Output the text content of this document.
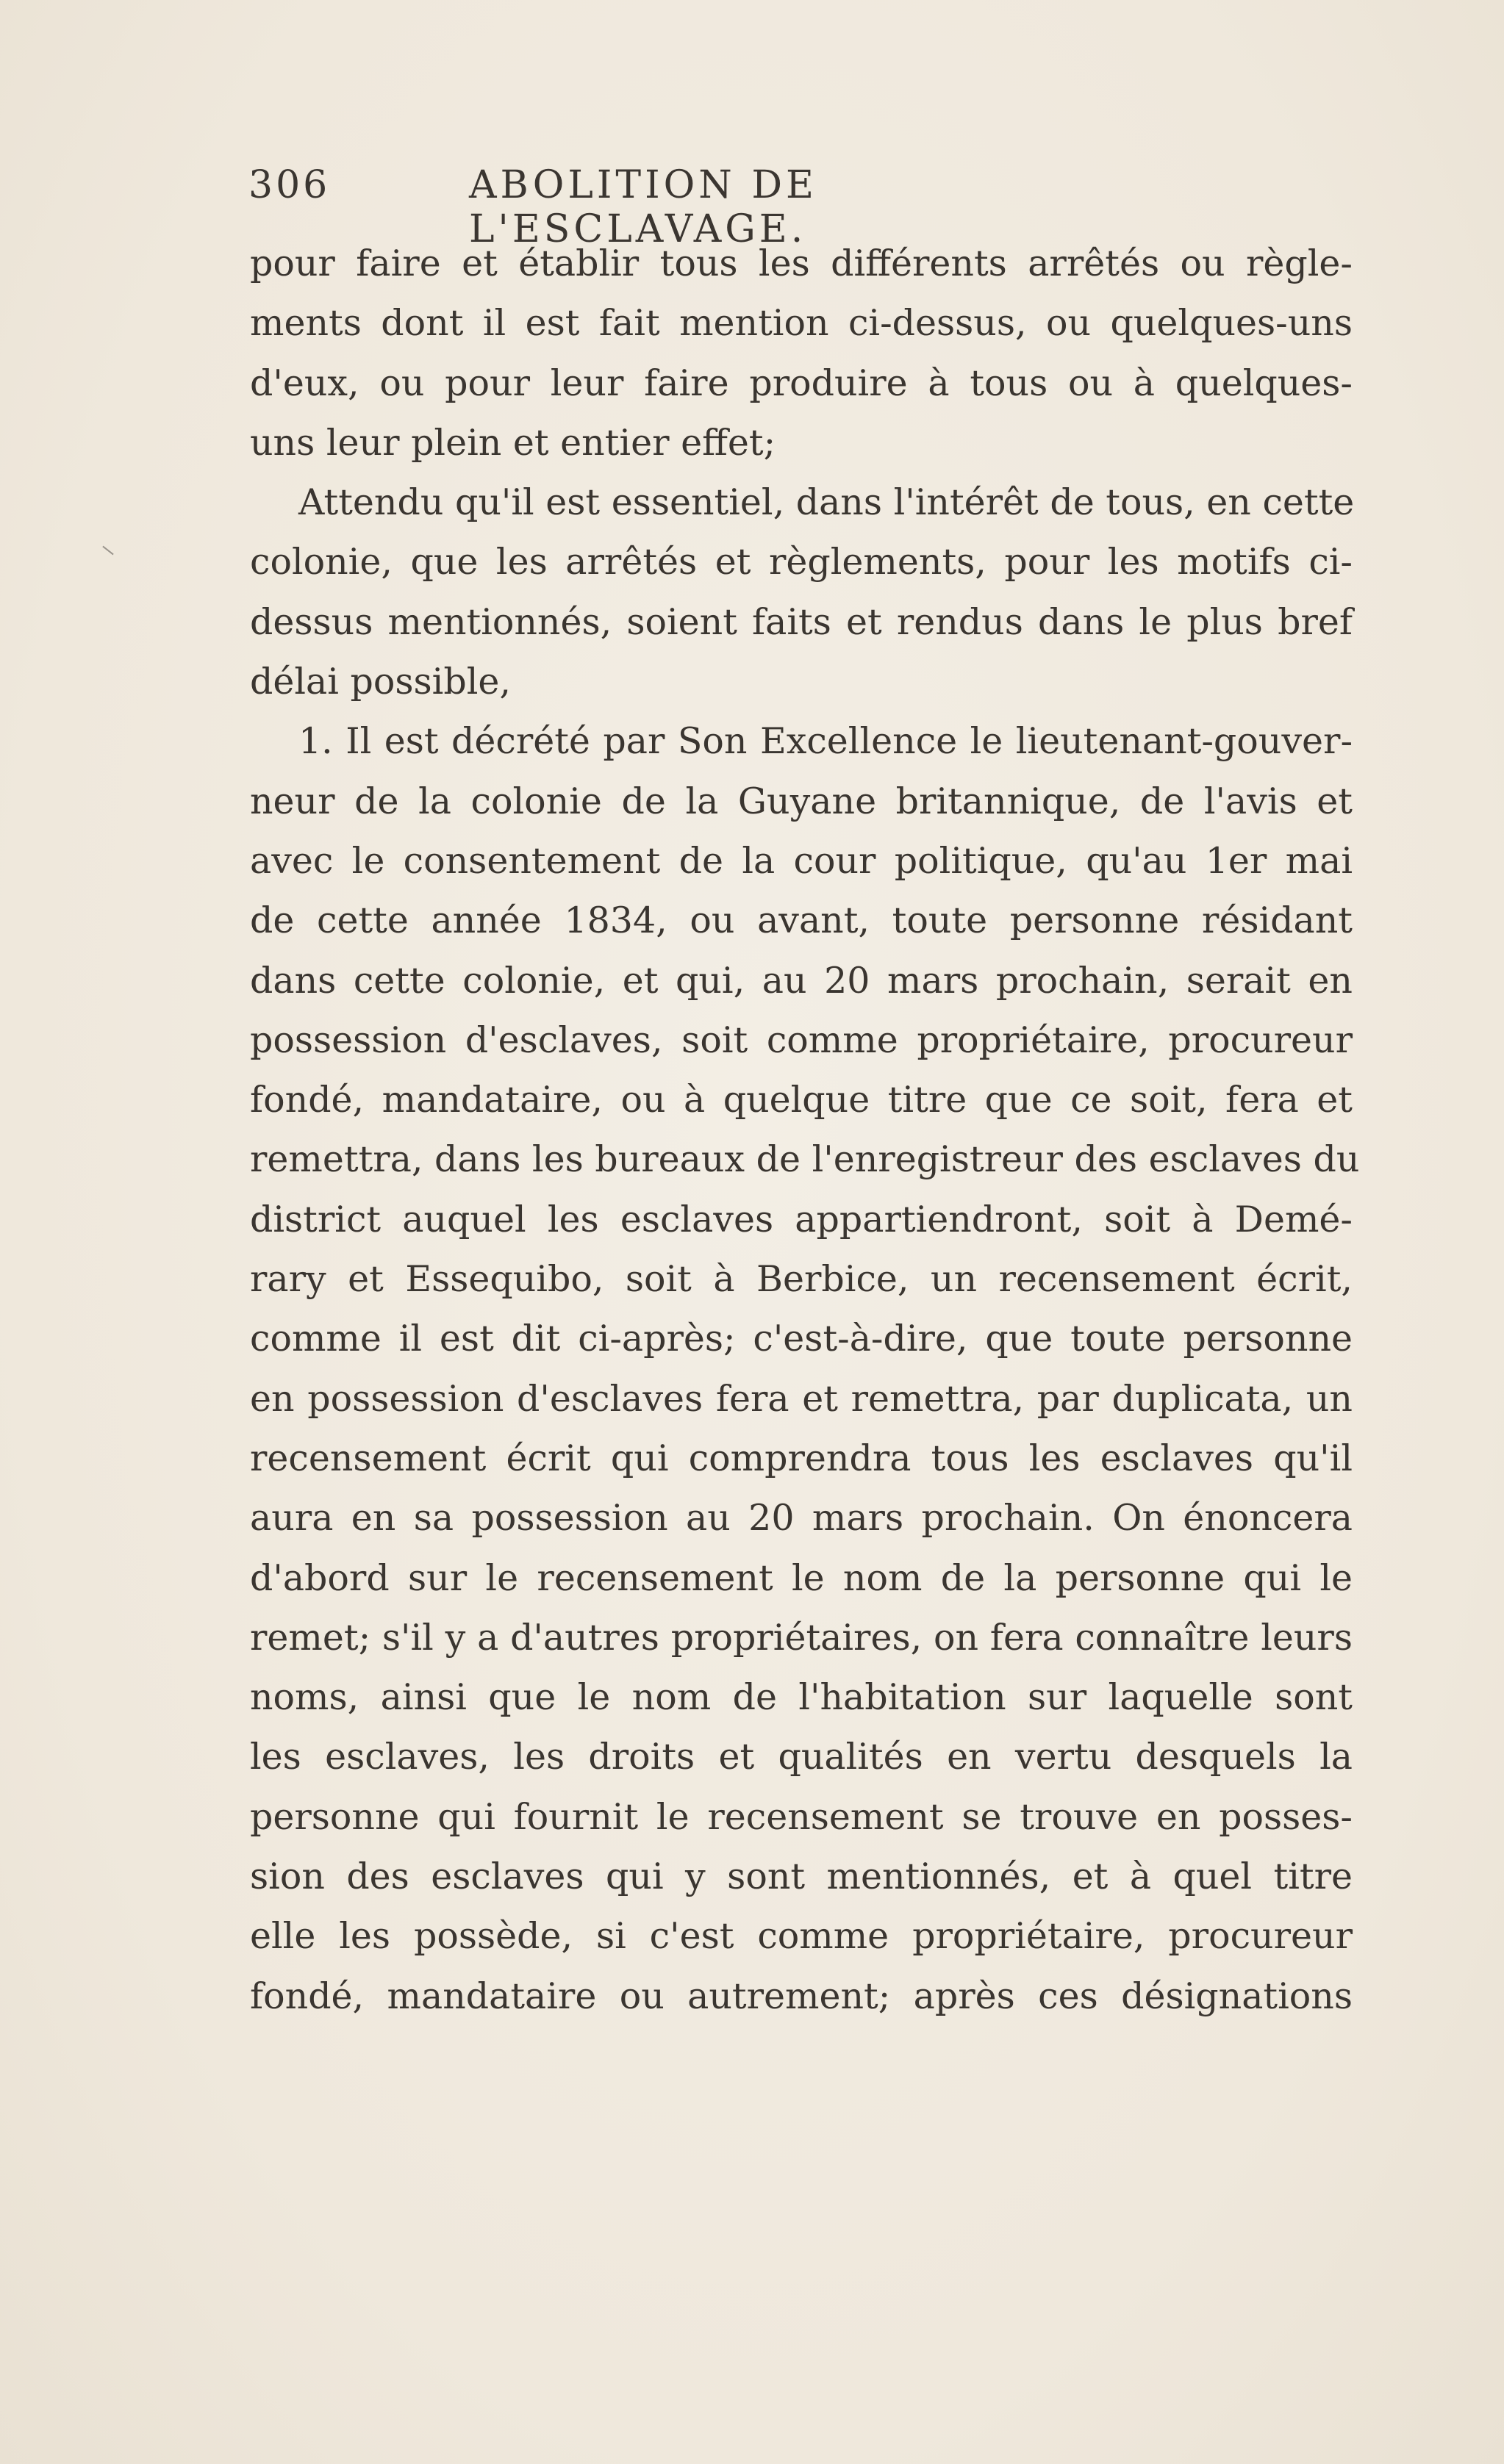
306	ABOLITION DE L'ESCLAVAGE.
pour faire et établir tous les différents arrêtés ou règle-
ments dont il est fait mention ci-dessus, ou quelques-uns
d'eux, ou pour leur faire produire à tous ou à quelques-
uns leur plein et entier effet;
Attendu qu'il est essentiel, dans l'intérêt de tous, en cette
colonie, que les arrêtés et règlements, pour les motifs ci-
dessus mentionnés, soient faits et rendus dans le plus bref
délai possible,
1. Il est décrété par Son Excellence le lieutenant-gouver-
neur de la colonie de la Guyane britannique, de l'avis et
avec le consentement de la cour politique, qu'au 1er mai
de cette année 1834, ou avant, toute personne résidant
dans cette colonie, et qui, au 20 mars prochain, serait en
possession d'esclaves, soit comme propriétaire, procureur
fondé, mandataire, ou à quelque titre que ce soit, fera et
remettra, dans les bureaux de l'enregistreur des esclaves du
district auquel les esclaves appartiendront, soit à Demé-
rary et Essequibo, soit à Berbice, un recensement écrit,
comme il est dit ci-après; c'est-à-dire, que toute personne
en possession d'esclaves fera et remettra, par duplicata, un
recensement écrit qui comprendra tous les esclaves qu'il
aura en sa possession au 20 mars prochain. On énoncera
d'abord sur le recensement le nom de la personne qui le
remet; s'il y a d'autres propriétaires, on fera connaître leurs
noms, ainsi que le nom de l'habitation sur laquelle sont
les esclaves, les droits et qualités en vertu desquels la
personne qui fournit le recensement se trouve en posses-
sion des esclaves qui y sont mentionnés, et à quel titre
elle les possède, si c'est comme propriétaire, procureur
fondé, mandataire ou autrement; après ces désignations
